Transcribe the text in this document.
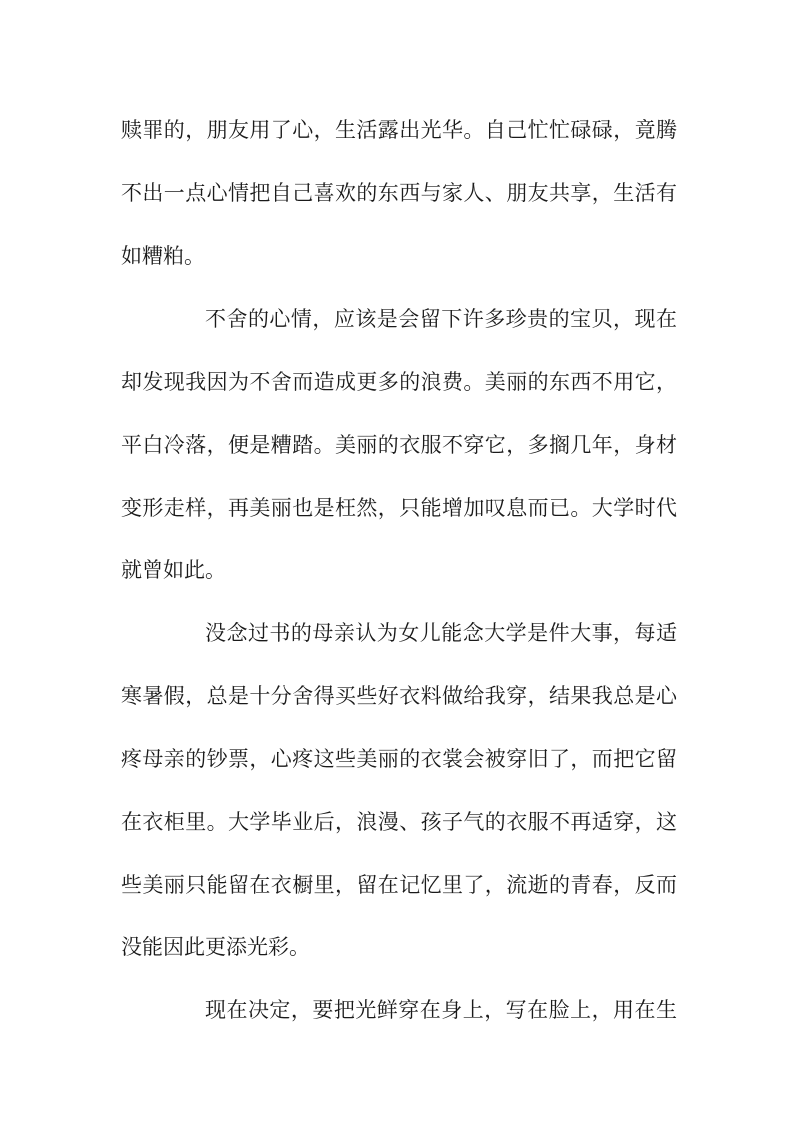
赎罪的，朋友用了心，生活露出光华。自己忙忙碌碌，竟腾
不出一点心情把自己喜欢的东西与家人、朋友共享，生活有
如糟粕。
不舍的心情，应该是会留下许多珍贵的宝贝，现在
却发现我因为不舍而造成更多的浪费。美丽的东西不用它，
平白冷落，便是糟踏。美丽的衣服不穿它，多搁几年，身材
变形走样，再美丽也是枉然，只能增加叹息而已。大学时代
就曾如此。
没念过书的母亲认为女儿能念大学是件大事，每适
寒暑假，总是十分舍得买些好衣料做给我穿，结果我总是心
疼母亲的钞票，心疼这些美丽的衣裳会被穿旧了，而把它留
在衣柜里。大学毕业后，浪漫、孩子气的衣服不再适穿，这
些美丽只能留在衣橱里，留在记忆里了，流逝的青春，反而
没能因此更添光彩。
现在决定，要把光鲜穿在身上，写在脸上，用在生
